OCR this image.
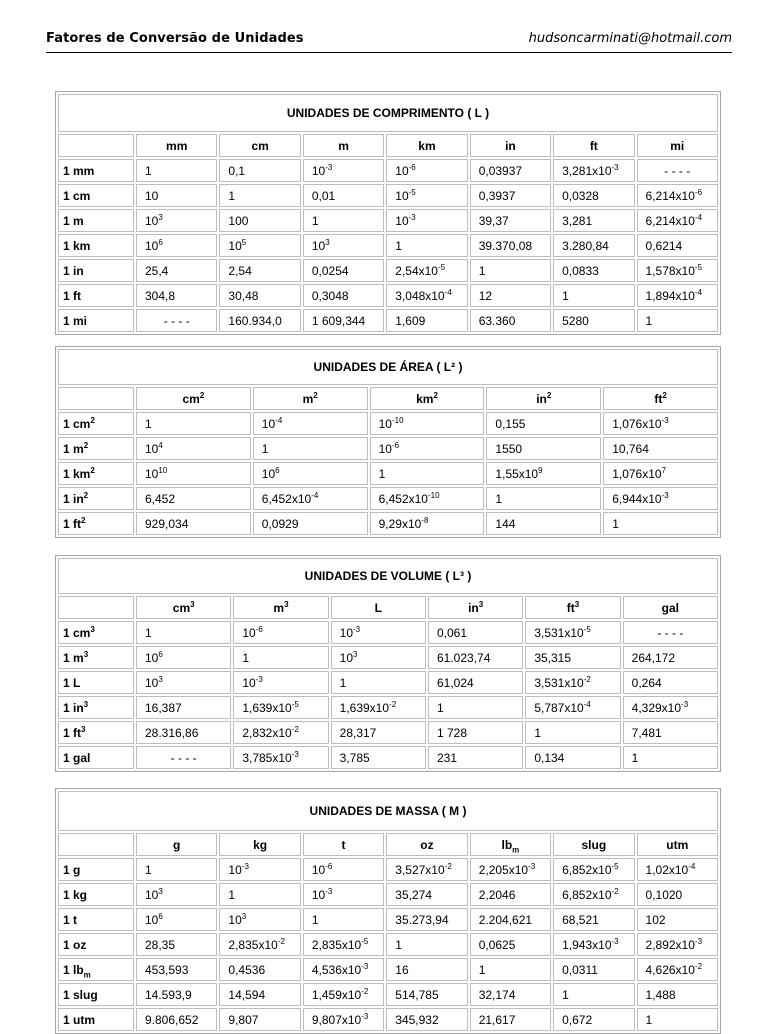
Fatores de Conversão de Unidades	hudsoncarminati@hotmail.com
UNIDADES DE COMPRIMENTO ( L )							
	mm	cm	m	km	in	ft	mi
1 mm	1	0,1	$10^{-3}$	$10^{-6}$	0,03937	$3,281x10^{-3}$	- - - -
1 cm	10	1	0,01	$10^{-5}$	0,3937	0,0328	$6,214x10^{-6}$
1 m	$10^3$	100	1	$10^{-3}$	39,37	3,281	$6,214x10^{-4}$
1 km	$10^6$	$10^5$	$10^3$	1	39.370,08	3.280,84	0,6214
1 in	25,4	2,54	0,0254	$2,54x10^{-5}$	1	0,0833	$1,578x10^{-5}$
1 ft	304,8	30,48	0,3048	$3,048x10^{-4}$	12	1	$1,894x10^{-4}$
1 mi	- - - -	160.934,0	1 609,344	1,609	63.360	5280	1
UNIDADES DE ÁREA ( L² )					
	$cm^2$	$m^2$	$km^2$	$in^2$	$ft^2$
1 $cm^2$	1	$10^{-4}$	$10^{-10}$	0,155	$1,076x10^{-3}$
1 $m^2$	$10^4$	1	$10^{-6}$	1550	10,764
1 $km^2$	$10^{10}$	$10^6$	1	$1,55x10^9$	$1,076x10^7$
1 $in^2$	6,452	$6,452x10^{-4}$	$6,452x10^{-10}$	1	$6,944x10^{-3}$
1 $ft^2$	929,034	0,0929	$9,29x10^{-8}$	144	1
UNIDADES DE VOLUME ( L³ )						
	$cm^3$	$m^3$	L	$in^3$	$ft^3$	gal
1 $cm^3$	1	$10^{-6}$	$10^{-3}$	0,061	$3,531x10^{-5}$	- - - -
1 $m^3$	$10^6$	1	$10^3$	61.023,74	35,315	264,172
1 L	$10^3$	$10^{-3}$	1	61,024	$3,531x10^{-2}$	0,264
1 $in^3$	16,387	$1,639x10^{-5}$	$1,639x10^{-2}$	1	$5,787x10^{-4}$	$4,329x10^{-3}$
1 $ft^3$	28.316,86	$2,832x10^{-2}$	28,317	1 728	1	7,481
1 gal	- - - -	$3,785x10^{-3}$	3,785	231	0,134	1
UNIDADES DE MASSA ( M )							
	g	kg	t	oz	$lb_m$	slug	utm
1 g	1	$10^{-3}$	$10^{-6}$	$3,527x10^{-2}$	$2,205x10^{-3}$	$6,852x10^{-5}$	$1,02x10^{-4}$
1 kg	$10^3$	1	$10^{-3}$	35,274	2,2046	$6,852x10^{-2}$	0,1020
1 t	$10^6$	$10^3$	1	35.273,94	2.204,621	68,521	102
1 oz	28,35	$2,835x10^{-2}$	$2,835x10^{-5}$	1	0,0625	$1,943x10^{-3}$	$2,892x10^{-3}$
1 $lb_m$	453,593	0,4536	$4,536x10^{-3}$	16	1	0,0311	$4,626x10^{-2}$
1 slug	14.593,9	14,594	$1,459x10^{-2}$	514,785	32,174	1	1,488
1 utm	9.806,652	9,807	$9,807x10^{-3}$	345,932	21,617	0,672	1
